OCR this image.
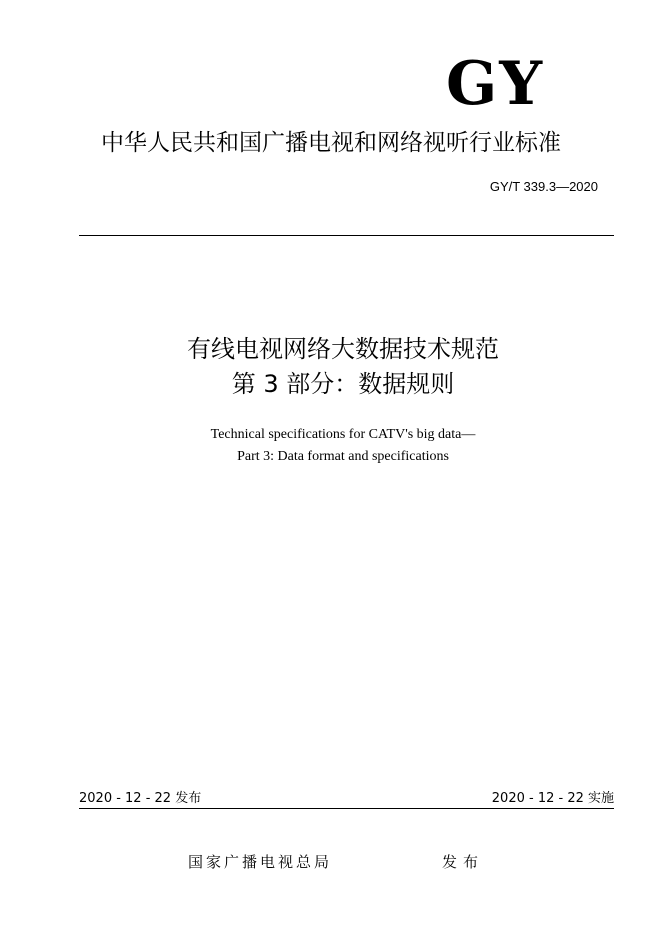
GY
中华人民共和国广播电视和网络视听行业标准
GY/T 339.3—2020
有线电视网络大数据技术规范
第 3 部分：数据规则
Technical specifications for CATV's big data—
Part 3: Data format and specifications
2020 - 12 - 22 发布	2020 - 12 - 22 实施
国家广播电视总局	发布
